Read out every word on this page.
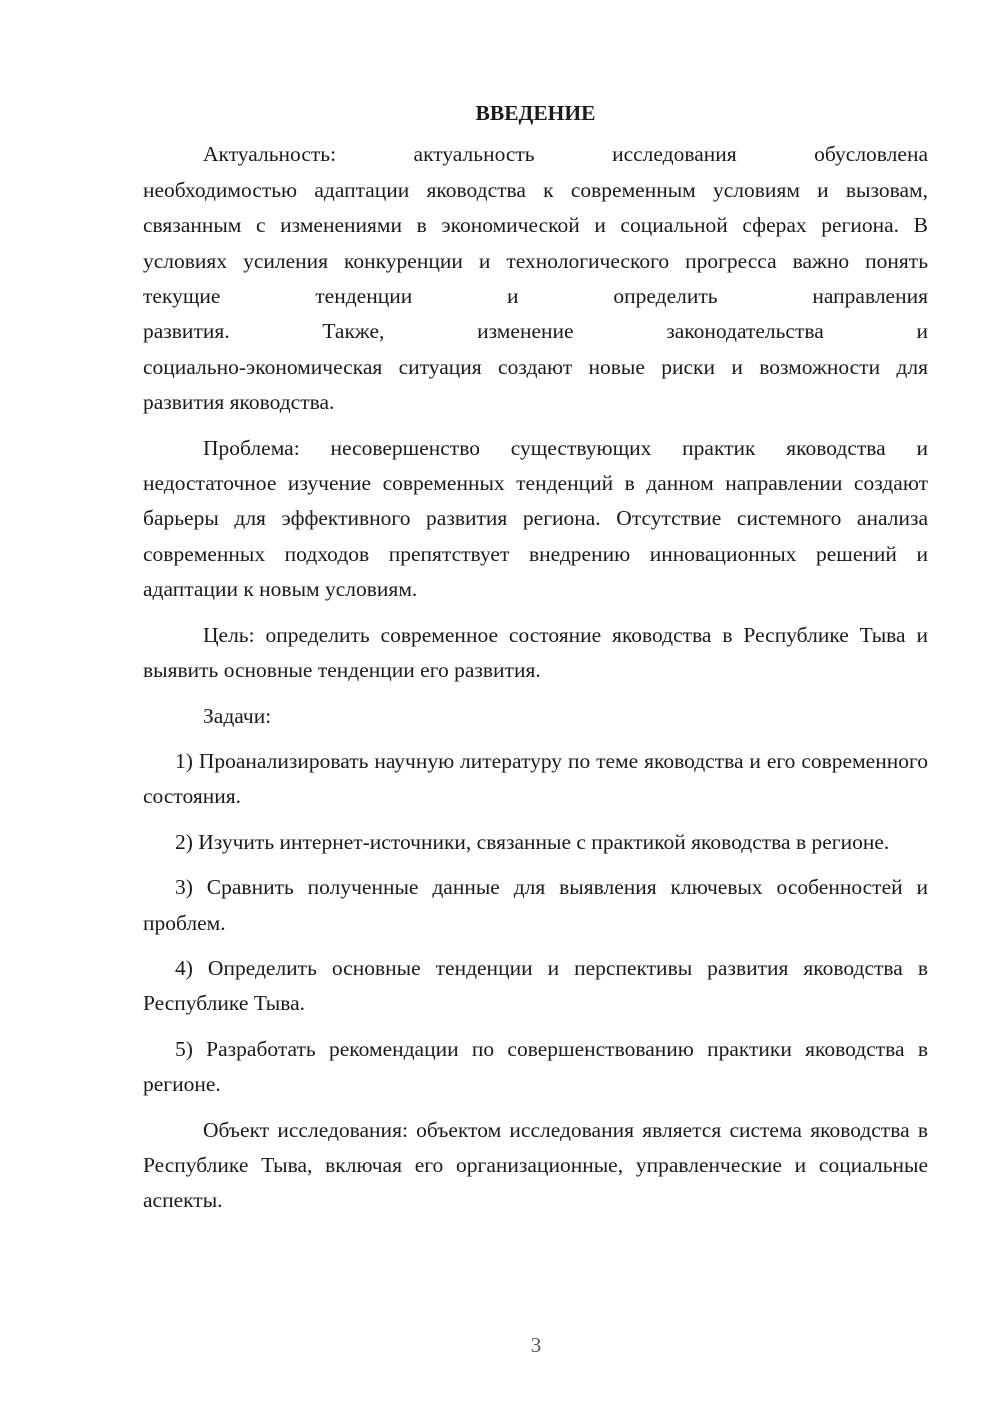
ВВЕДЕНИЕ
Актуальность: актуальность исследования обусловлена
необходимостью адаптации яководства к современным условиям и вызовам, связанным с изменениями в экономической и социальной сферах региона. В условиях усиления конкуренции и технологического прогресса важно понять текущие тенденции и определить направления
развития. Также, изменение законодательства и
социально-экономическая ситуация создают новые риски и возможности для развития яководства.
Проблема: несовершенство существующих практик яководства и недостаточное изучение современных тенденций в данном направлении создают барьеры для эффективного развития региона. Отсутствие системного анализа современных подходов препятствует внедрению инновационных решений и адаптации к новым условиям.
Цель: определить современное состояние яководства в Республике Тыва и выявить основные тенденции его развития.
Задачи:
1) Проанализировать научную литературу по теме яководства и его современного состояния.
2) Изучить интернет-источники, связанные с практикой яководства в регионе.
3) Сравнить полученные данные для выявления ключевых особенностей и проблем.
4) Определить основные тенденции и перспективы развития яководства в Республике Тыва.
5) Разработать рекомендации по совершенствованию практики яководства в регионе.
Объект исследования: объектом исследования является система яководства в Республике Тыва, включая его организационные, управленческие и социальные аспекты.
3
